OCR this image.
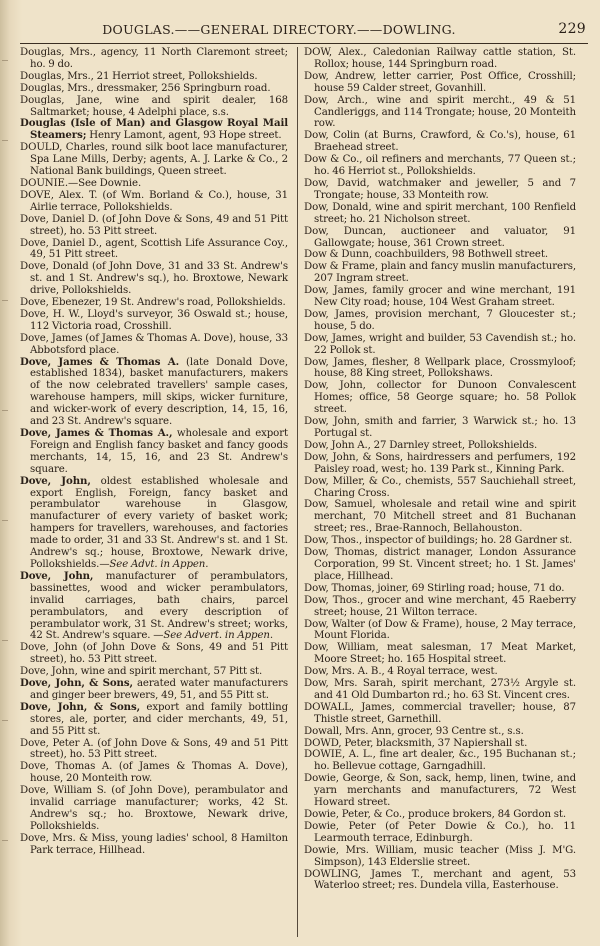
DOUGLAS.——GENERAL DIRECTORY.——DOWLING.	229

Douglas, Mrs., agency, 11 North Claremont street; ho. 9 do.

Douglas, Mrs., 21 Herriot street, Pollokshields.

Douglas, Mrs., dressmaker, 256 Springburn road.

Douglas, Jane, wine and spirit dealer, 168 Saltmarket; house, 4 Adelphi place, s.s.

Douglas (Isle of Man) and Glasgow Royal Mail Steamers; Henry Lamont, agent, 93 Hope street.

DOULD, Charles, round silk boot lace manufacturer, Spa Lane Mills, Derby; agents, A. J. Larke & Co., 2 National Bank buildings, Queen street.

DOUNIE.—See Downie.

DOVE, Alex. T. (of Wm. Borland & Co.), house, 31 Airlie terrace, Pollokshields.

Dove, Daniel D. (of John Dove & Sons, 49 and 51 Pitt street), ho. 53 Pitt street.

Dove, Daniel D., agent, Scottish Life Assurance Coy., 49, 51 Pitt street.

Dove, Donald (of John Dove, 31 and 33 St. Andrew's st. and 1 St. Andrew's sq.), ho. Broxtowe, Newark drive, Pollokshields.

Dove, Ebenezer, 19 St. Andrew's road, Pollokshields.

Dove, H. W., Lloyd's surveyor, 36 Oswald st.; house, 112 Victoria road, Crosshill.

Dove, James (of James & Thomas A. Dove), house, 33 Abbotsford place.

Dove, James & Thomas A. (late Donald Dove, established 1834), basket manufacturers, makers of the now celebrated travellers' sample cases, warehouse hampers, mill skips, wicker furniture, and wicker-work of every description, 14, 15, 16, and 23 St. Andrew's square.

Dove, James & Thomas A., wholesale and export Foreign and English fancy basket and fancy goods merchants, 14, 15, 16, and 23 St. Andrew's square.

Dove, John, oldest established wholesale and export English, Foreign, fancy basket and perambulator warehouse in Glasgow, manufacturer of every variety of basket work; hampers for travellers, warehouses, and factories made to order, 31 and 33 St. Andrew's st. and 1 St. Andrew's sq.; house, Broxtowe, Newark drive, Pollokshields.—See Advt. in Appen.

Dove, John, manufacturer of perambulators, bassinettes, wood and wicker perambulators, invalid carriages, bath chairs, parcel perambulators, and every description of perambulator work, 31 St. Andrew's street; works, 42 St. Andrew's square. —See Advert. in Appen.

Dove, John (of John Dove & Sons, 49 and 51 Pitt street), ho. 53 Pitt street.

Dove, John, wine and spirit merchant, 57 Pitt st.

Dove, John, & Sons, aerated water manufacturers and ginger beer brewers, 49, 51, and 55 Pitt st.

Dove, John, & Sons, export and family bottling stores, ale, porter, and cider merchants, 49, 51, and 55 Pitt st.

Dove, Peter A. (of John Dove & Sons, 49 and 51 Pitt street), ho. 53 Pitt street.

Dove, Thomas A. (of James & Thomas A. Dove), house, 20 Monteith row.

Dove, William S. (of John Dove), perambulator and invalid carriage manufacturer; works, 42 St. Andrew's sq.; ho. Broxtowe, Newark drive, Pollokshields.

Dove, Mrs. & Miss, young ladies' school, 8 Hamilton Park terrace, Hillhead.

DOW, Alex., Caledonian Railway cattle station, St. Rollox; house, 144 Springburn road.

Dow, Andrew, letter carrier, Post Office, Crosshill; house 59 Calder street, Govanhill.

Dow, Arch., wine and spirit mercht., 49 & 51 Candleriggs, and 114 Trongate; house, 20 Monteith row.

Dow, Colin (at Burns, Crawford, & Co.'s), house, 61 Braehead street.

Dow & Co., oil refiners and merchants, 77 Queen st.; ho. 46 Herriot st., Pollokshields.

Dow, David, watchmaker and jeweller, 5 and 7 Trongate; house, 33 Monteith row.

Dow, Donald, wine and spirit merchant, 100 Renfield street; ho. 21 Nicholson street.

Dow, Duncan, auctioneer and valuator, 91 Gallowgate; house, 361 Crown street.

Dow & Dunn, coachbuilders, 98 Bothwell street.

Dow & Frame, plain and fancy muslin manufacturers, 207 Ingram street.

Dow, James, family grocer and wine merchant, 191 New City road; house, 104 West Graham street.

Dow, James, provision merchant, 7 Gloucester st.; house, 5 do.

Dow, James, wright and builder, 53 Cavendish st.; ho. 22 Pollok st.

Dow, James, flesher, 8 Wellpark place, Crossmyloof; house, 88 King street, Pollokshaws.

Dow, John, collector for Dunoon Convalescent Homes; office, 58 George square; ho. 58 Pollok street.

Dow, John, smith and farrier, 3 Warwick st.; ho. 13 Portugal st.

Dow, John A., 27 Darnley street, Pollokshields.

Dow, John, & Sons, hairdressers and perfumers, 192 Paisley road, west; ho. 139 Park st., Kinning Park.

Dow, Miller, & Co., chemists, 557 Sauchiehall street, Charing Cross.

Dow, Samuel, wholesale and retail wine and spirit merchant, 70 Mitchell street and 81 Buchanan street; res., Brae-Rannoch, Bellahouston.

Dow, Thos., inspector of buildings; ho. 28 Gardner st.

Dow, Thomas, district manager, London Assurance Corporation, 99 St. Vincent street; ho. 1 St. James' place, Hillhead.

Dow, Thomas, joiner, 69 Stirling road; house, 71 do.

Dow, Thos., grocer and wine merchant, 45 Raeberry street; house, 21 Wilton terrace.

Dow, Walter (of Dow & Frame), house, 2 May terrace, Mount Florida.

Dow, William, meat salesman, 17 Meat Market, Moore Street; ho. 165 Hospital street.

Dow, Mrs. A. B., 4 Royal terrace, west.

Dow, Mrs. Sarah, spirit merchant, 273½ Argyle st. and 41 Old Dumbarton rd.; ho. 63 St. Vincent cres.

DOWALL, James, commercial traveller; house, 87 Thistle street, Garnethill.

Dowall, Mrs. Ann, grocer, 93 Centre st., s.s.

DOWD, Peter, blacksmith, 37 Napiershall st.

DOWIE, A. L., fine art dealer, &c., 195 Buchanan st.; ho. Bellevue cottage, Garngadhill.

Dowie, George, & Son, sack, hemp, linen, twine, and yarn merchants and manufacturers, 72 West Howard street.

Dowie, Peter, & Co., produce brokers, 84 Gordon st.

Dowie, Peter (of Peter Dowie & Co.), ho. 11 Learmouth terrace, Edinburgh.

Dowie, Mrs. William, music teacher (Miss J. M'G. Simpson), 143 Elderslie street.

DOWLING, James T., merchant and agent, 53 Waterloo street; res. Dundela villa, Easterhouse.
